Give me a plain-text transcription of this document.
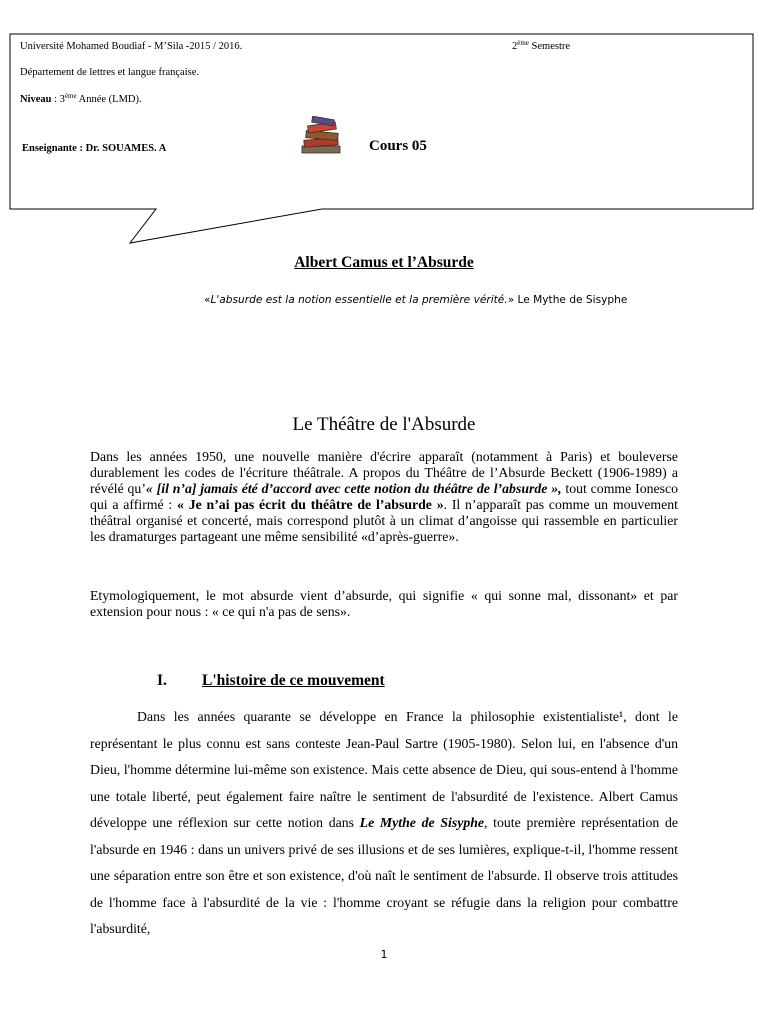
Université Mohamed Boudiaf - M’Sila -2015 / 2016.	2ème Semestre
Département de lettres et langue française.
Niveau : 3ème Année (LMD).
Enseignante : Dr. SOUAMES. A	Cours 05
Albert Camus et l’Absurde
«L'absurde est la notion essentielle et la première vérité.» Le Mythe de Sisyphe
Le Théâtre de l'Absurde
Dans les années 1950, une nouvelle manière d'écrire apparaît (notamment à Paris) et bouleverse durablement les codes de l'écriture théâtrale. A propos du Théâtre de l’Absurde Beckett (1906-1989) a révélé qu’« [il n’a] jamais été d’accord avec cette notion du théâtre de l’absurde », tout comme Ionesco qui a affirmé : « Je n’ai pas écrit du théâtre de l’absurde ». Il n’apparaît pas comme un mouvement théâtral organisé et concerté, mais correspond plutôt à un climat d’angoisse qui rassemble en particulier les dramaturges partageant une même sensibilité «d’après-guerre».
Etymologiquement, le mot absurde vient d’absurde, qui signifie « qui sonne mal, dissonant» et par extension pour nous : « ce qui n'a pas de sens».
I. L'histoire de ce mouvement
Dans les années quarante se développe en France la philosophie existentialiste¹, dont le représentant le plus connu est sans conteste Jean-Paul Sartre (1905-1980). Selon lui, en l'absence d'un Dieu, l'homme détermine lui-même son existence. Mais cette absence de Dieu, qui sous-entend à l'homme une totale liberté, peut également faire naître le sentiment de l'absurdité de l'existence. Albert Camus développe une réflexion sur cette notion dans Le Mythe de Sisyphe, toute première représentation de l'absurde en 1946 : dans un univers privé de ses illusions et de ses lumières, explique-t-il, l'homme ressent une séparation entre son être et son existence, d'où naît le sentiment de l'absurde. Il observe trois attitudes de l'homme face à l'absurdité de la vie : l'homme croyant se réfugie dans la religion pour combattre l'absurdité,
1
